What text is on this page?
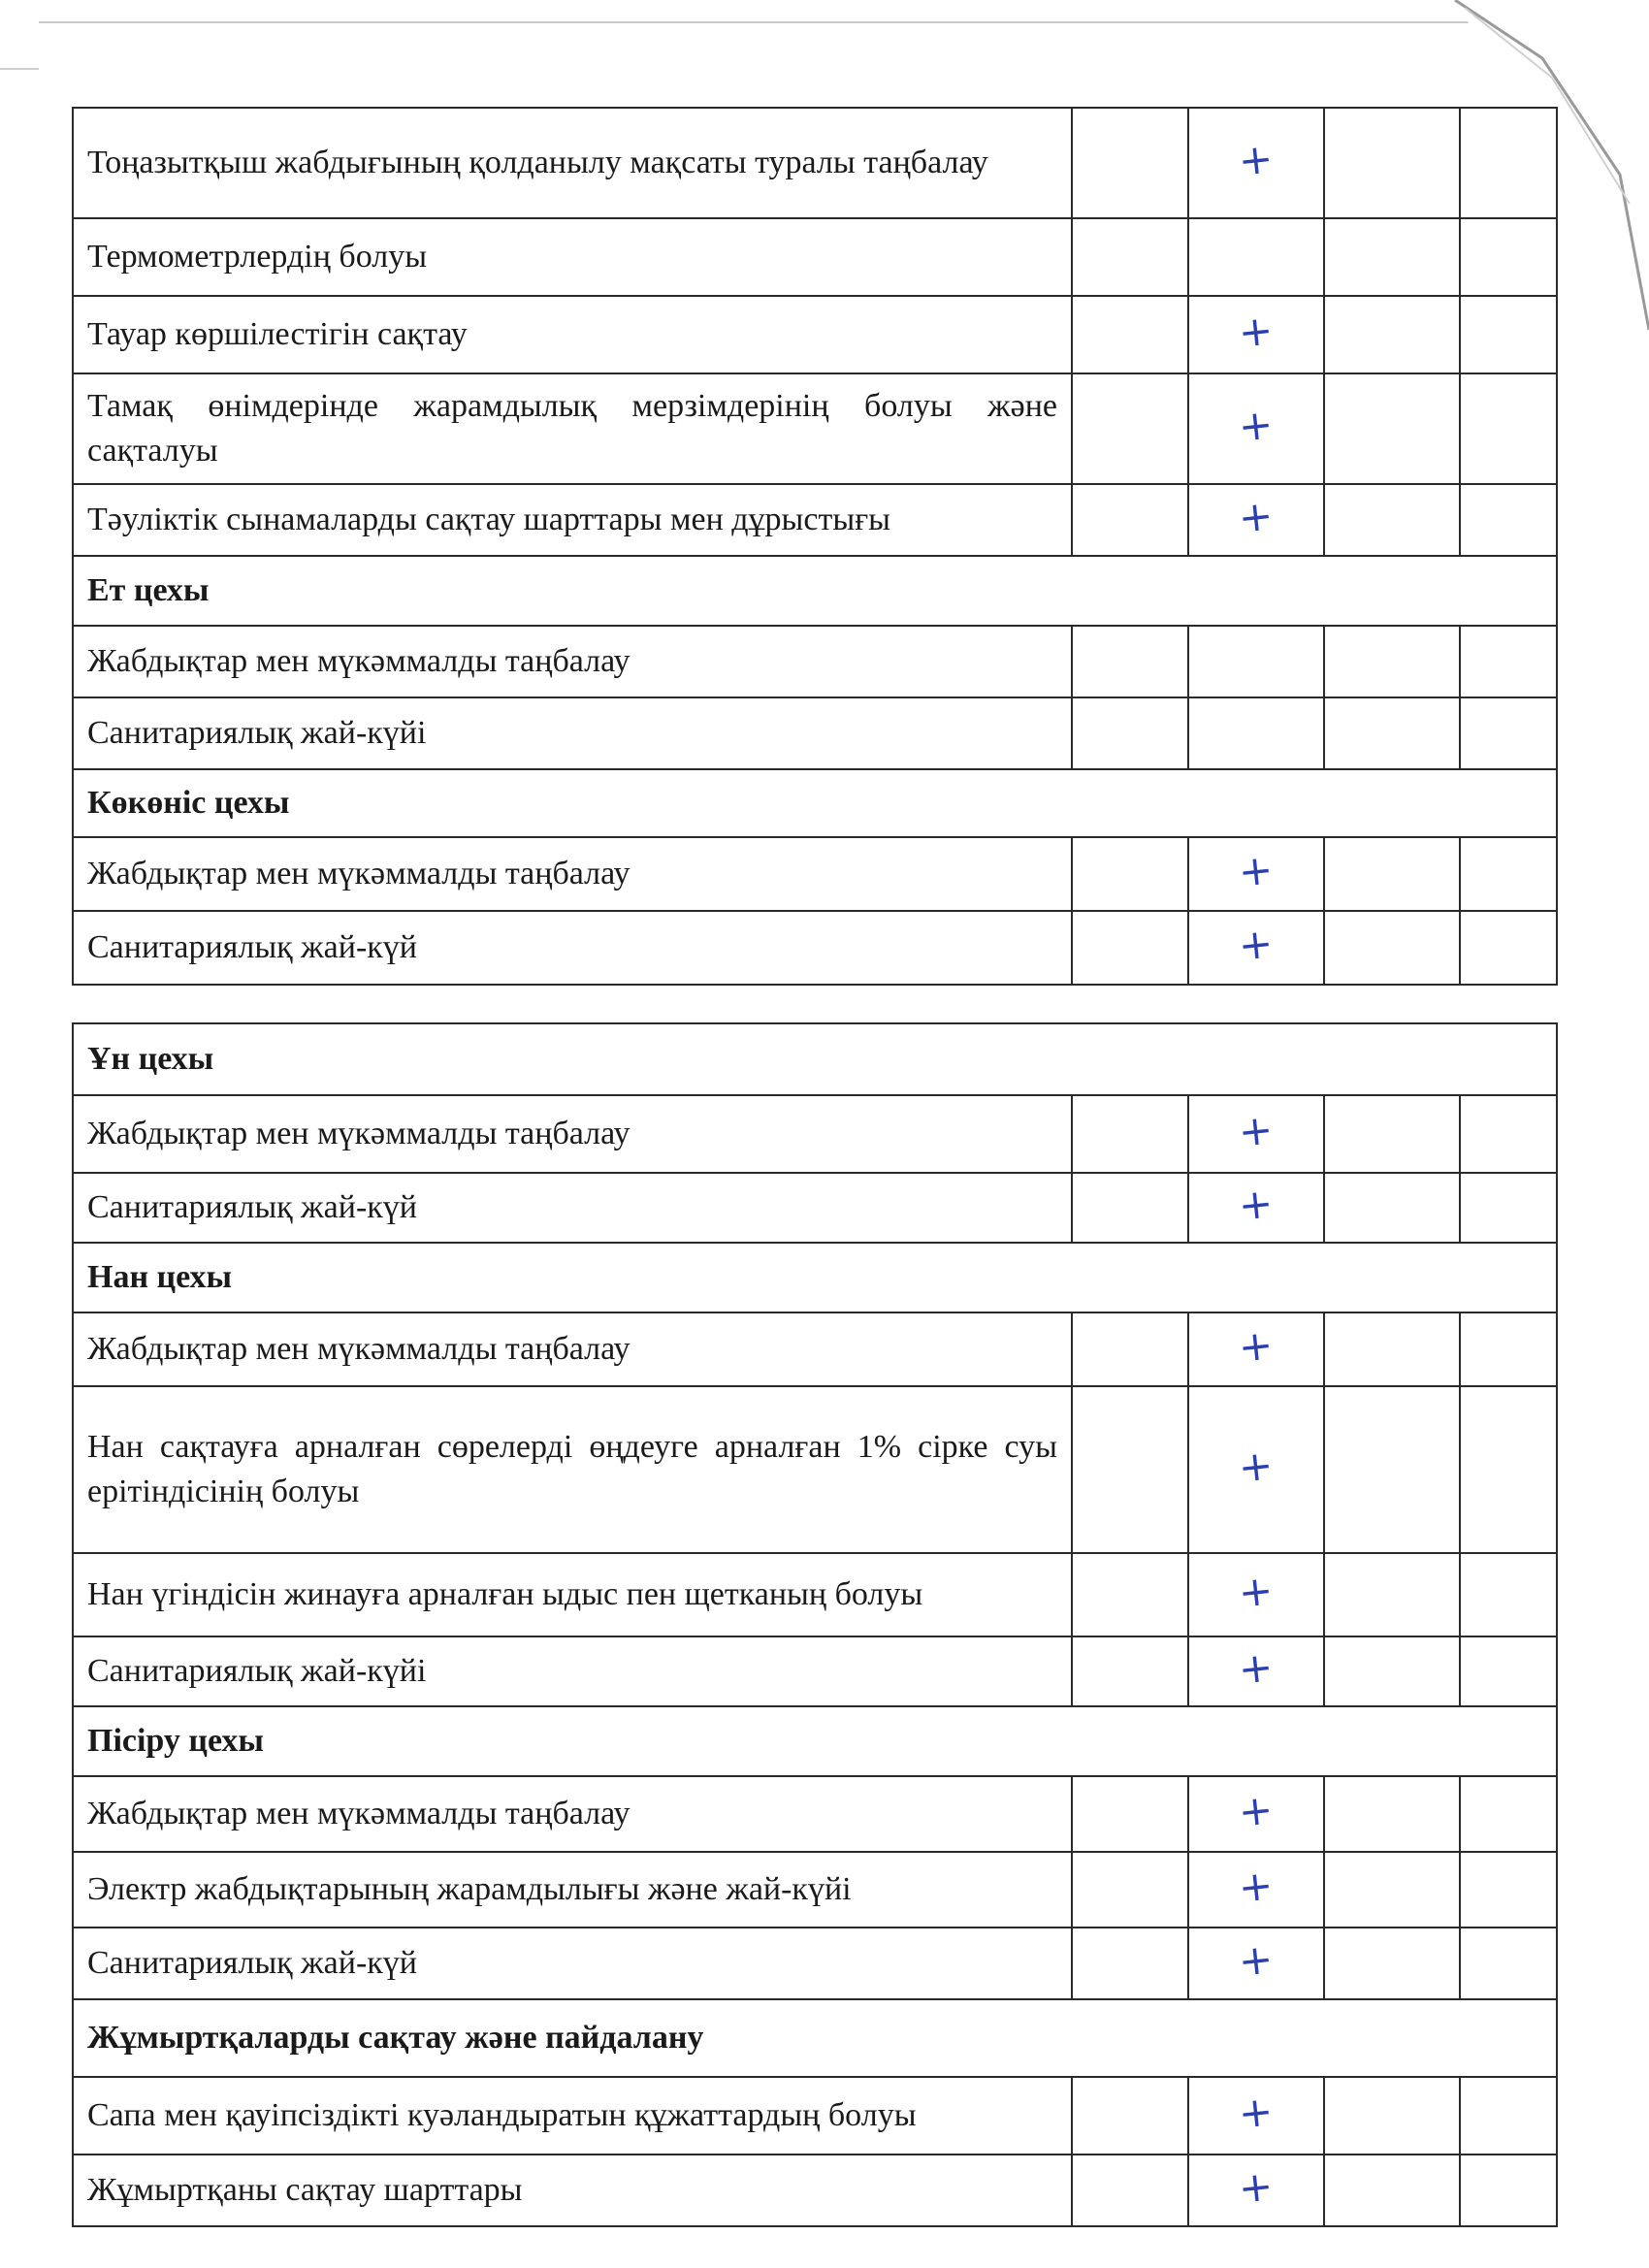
Тоңазытқыш жабдығының қолданылу мақсаты туралы таңбалау		+		
Термометрлердің болуы				
Тауар көршілестігін сақтау		+		
Тамақ өнімдерінде жарамдылық мерзімдерінің болуы және сақталуы		+		
Тәуліктік сынамаларды сақтау шарттары мен дұрыстығы		+		
Ет цехы				
Жабдықтар мен мүкәммалды таңбалау				
Санитариялық жай-күйі				
Көкөніс цехы				
Жабдықтар мен мүкәммалды таңбалау		+		
Санитариялық жай-күй		+		

Ұн цехы				
Жабдықтар мен мүкәммалды таңбалау		+		
Санитариялық жай-күй		+		
Нан цехы				
Жабдықтар мен мүкәммалды таңбалау		+		
Нан сақтауға арналған сөрелерді өңдеуге арналған 1% сірке суы ерітіндісінің болуы		+		
Нан үгіндісін жинауға арналған ыдыс пен щетканың болуы		+		
Санитариялық жай-күйі		+		
Пісіру цехы				
Жабдықтар мен мүкәммалды таңбалау		+		
Электр жабдықтарының жарамдылығы және жай-күйі		+		
Санитариялық жай-күй		+		
Жұмыртқаларды сақтау және пайдалану				
Сапа мен қауіпсіздікті куәландыратын құжаттардың болуы		+		
Жұмыртқаны сақтау шарттары		+		
